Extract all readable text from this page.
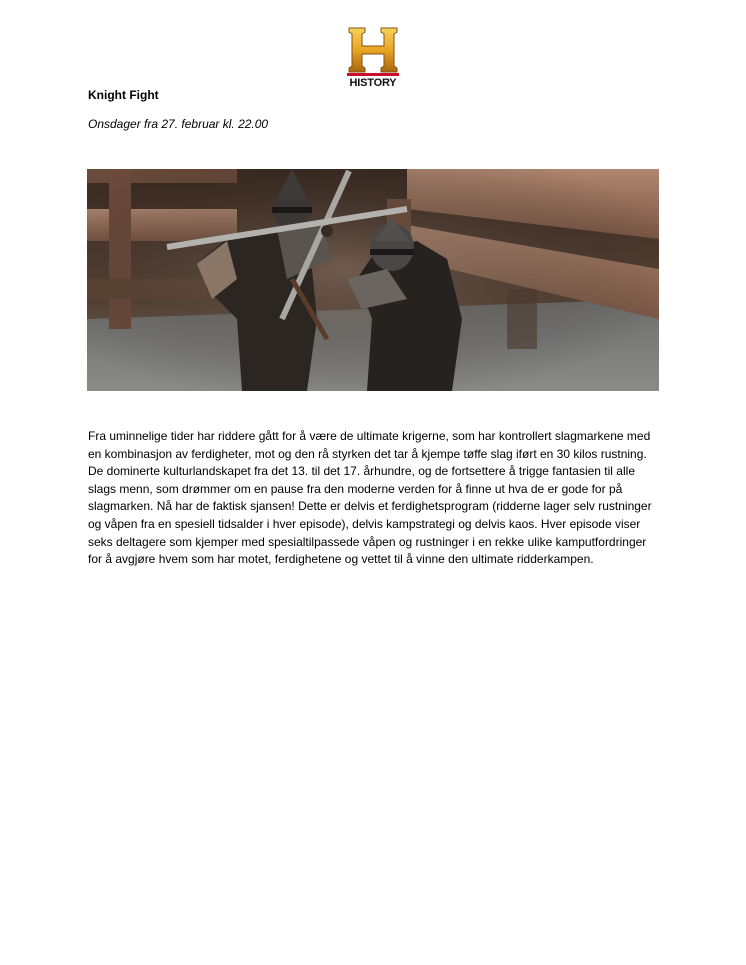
HISTORY
Knight Fight
Onsdager fra 27. februar kl. 22.00
Fra uminnelige tider har riddere gått for å være de ultimate krigerne, som har kontrollert slagmarkene med en kombinasjon av ferdigheter, mot og den rå styrken det tar å kjempe tøffe slag iført en 30 kilos rustning. De dominerte kulturlandskapet fra det 13. til det 17. århundre, og de fortsettere å trigge fantasien til alle slags menn, som drømmer om en pause fra den moderne verden for å finne ut hva de er gode for på slagmarken. Nå har de faktisk sjansen! Dette er delvis et ferdighetsprogram (ridderne lager selv rustninger og våpen fra en spesiell tidsalder i hver episode), delvis kampstrategi og delvis kaos. Hver episode viser seks deltagere som kjemper med spesialtilpassede våpen og rustninger i en rekke ulike kamputfordringer for å avgjøre hvem som har motet, ferdighetene og vettet til å vinne den ultimate ridderkampen.
